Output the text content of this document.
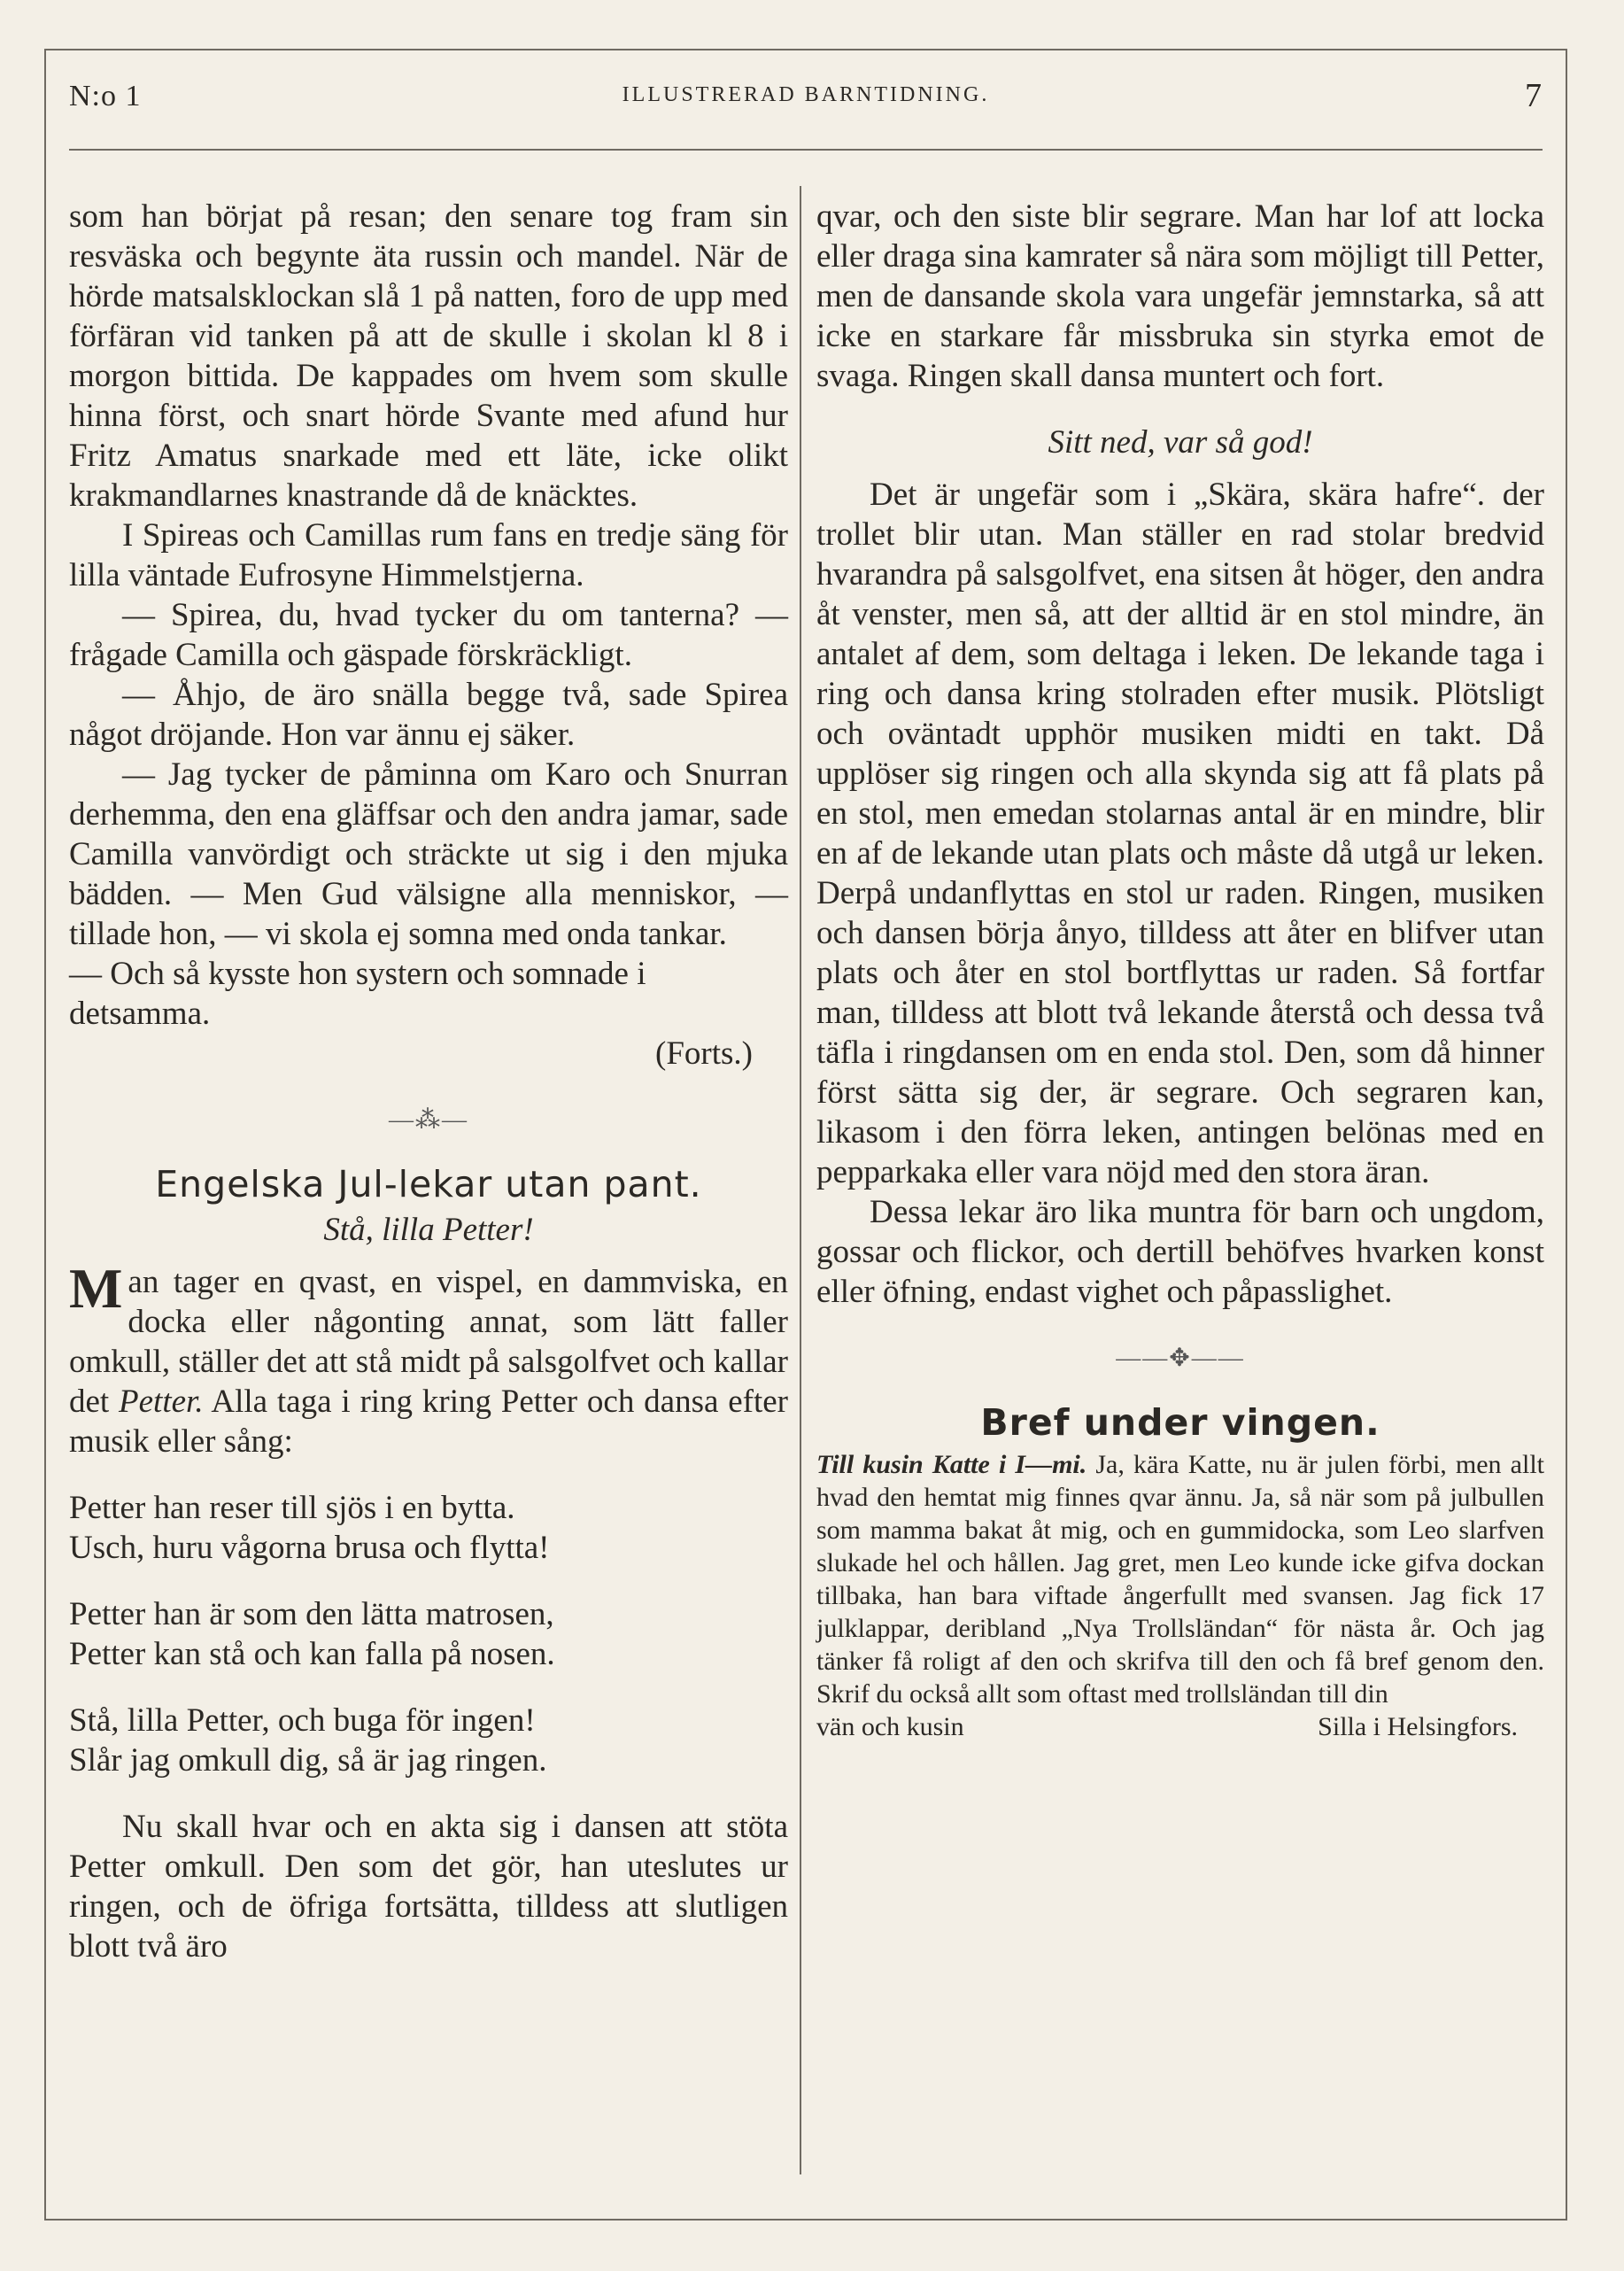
N:o 1	ILLUSTRERAD BARNTIDNING.	7

som han börjat på resan; den senare tog fram sin resväska och begynte äta russin och mandel. När de hörde matsalsklockan slå 1 på natten, foro de upp med förfäran vid tanken på att de skulle i skolan kl 8 i morgon bittida. De kappades om hvem som skulle hinna först, och snart hörde Svante med afund hur Fritz Amatus snarkade med ett läte, icke olikt krakmandlarnes knastrande då de knäcktes.

I Spireas och Camillas rum fans en tredje säng för lilla väntade Eufrosyne Himmelstjerna.

— Spirea, du, hvad tycker du om tanterna? — frågade Camilla och gäspade förskräckligt.

— Åhjo, de äro snälla begge två, sade Spirea något dröjande. Hon var ännu ej säker.

— Jag tycker de påminna om Karo och Snurran derhemma, den ena gläffsar och den andra jamar, sade Camilla vanvördigt och sträckte ut sig i den mjuka bädden. — Men Gud välsigne alla menniskor, — tillade hon, — vi skola ej somna med onda tankar.

— Och så kysste hon systern och somnade i detsamma.

(Forts.)

—⁂—
Engelska Jul-lekar utan pant.

Stå, lilla Petter!

Man tager en qvast, en vispel, en dammviska, en docka eller någonting annat, som lätt faller omkull, ställer det att stå midt på salsgolfvet och kallar det Petter. Alla taga i ring kring Petter och dansa efter musik eller sång:

Petter han reser till sjös i en bytta.

Usch, huru vågorna brusa och flytta!

Petter han är som den lätta matrosen,

Petter kan stå och kan falla på nosen.

Stå, lilla Petter, och buga för ingen!

Slår jag omkull dig, så är jag ringen.

Nu skall hvar och en akta sig i dansen att stöta Petter omkull. Den som det gör, han uteslutes ur ringen, och de öfriga fortsätta, tilldess att slutligen blott två äro

qvar, och den siste blir segrare. Man har lof att locka eller draga sina kamrater så nära som möjligt till Petter, men de dansande skola vara ungefär jemnstarka, så att icke en starkare får missbruka sin styrka emot de svaga. Ringen skall dansa muntert och fort.

Sitt ned, var så god!

Det är ungefär som i „Skära, skära hafre“. der trollet blir utan. Man ställer en rad stolar bredvid hvarandra på salsgolfvet, ena sitsen åt höger, den andra åt venster, men så, att der alltid är en stol mindre, än antalet af dem, som deltaga i leken. De lekande taga i ring och dansa kring stolraden efter musik. Plötsligt och oväntadt upphör musiken midti en takt. Då upplöser sig ringen och alla skynda sig att få plats på en stol, men emedan stolarnas antal är en mindre, blir en af de lekande utan plats och måste då utgå ur leken. Derpå undanflyttas en stol ur raden. Ringen, musiken och dansen börja ånyo, tilldess att åter en blifver utan plats och åter en stol bortflyttas ur raden. Så fortfar man, tilldess att blott två lekande återstå och dessa två täfla i ringdansen om en enda stol. Den, som då hinner först sätta sig der, är segrare. Och segraren kan, likasom i den förra leken, antingen belönas med en pepparkaka eller vara nöjd med den stora äran.

Dessa lekar äro lika muntra för barn och ungdom, gossar och flickor, och dertill behöfves hvarken konst eller öfning, endast vighet och påpasslighet.

——✥——
Bref under vingen.

Till kusin Katte i I—mi. Ja, kära Katte, nu är julen förbi, men allt hvad den hemtat mig finnes qvar ännu. Ja, så när som på julbullen som mamma bakat åt mig, och en gummidocka, som Leo slarfven slukade hel och hållen. Jag gret, men Leo kunde icke gifva dockan tillbaka, han bara viftade ångerfullt med svansen. Jag fick 17 julklappar, deribland „Nya Trollsländan“ för nästa år. Och jag tänker få roligt af den och skrifva till den och få bref genom den. Skrif du också allt som oftast med trollsländan till din

vän och kusin	Silla i Helsingfors.
